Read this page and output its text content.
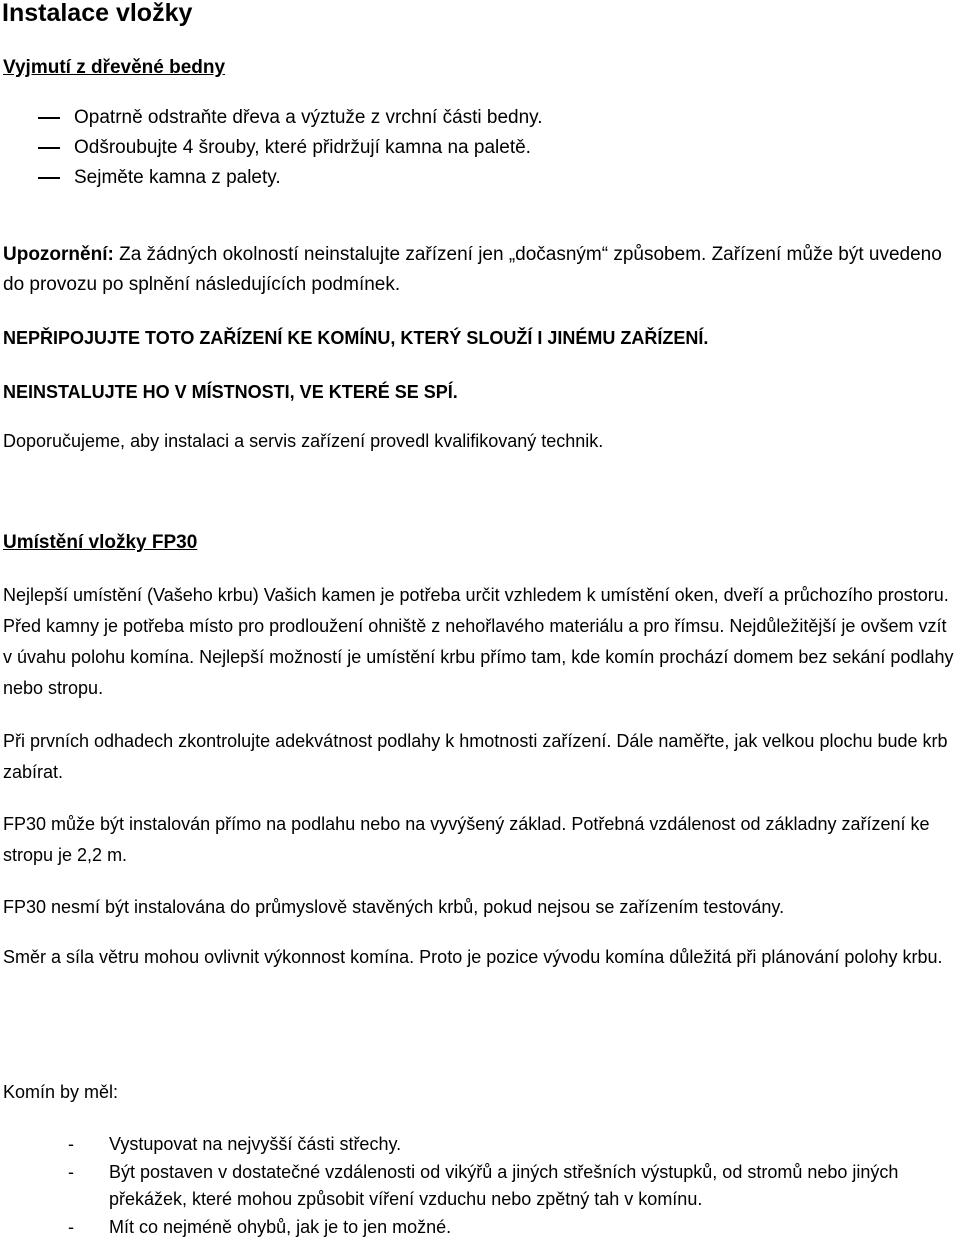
Instalace vložky

Vyjmutí z dřevěné bedny

Opatrně odstraňte dřeva a výztuže z vrchní části bedny.
Odšroubujte 4 šrouby, které přidržují kamna na paletě.
Sejměte kamna z palety.
Upozornění: Za žádných okolností neinstalujte zařízení jen „dočasným“ způsobem. Zařízení může být uvedeno do provozu po splnění následujících podmínek.
NEPŘIPOJUJTE TOTO ZAŘÍZENÍ KE KOMÍNU, KTERÝ SLOUŽÍ I JINÉMU ZAŘÍZENÍ.
NEINSTALUJTE HO V MÍSTNOSTI, VE KTERÉ SE SPÍ.
Doporučujeme, aby instalaci a servis zařízení provedl kvalifikovaný technik.

Umístění vložky FP30

Nejlepší umístění (Vašeho krbu) Vašich kamen je potřeba určit vzhledem k umístění oken, dveří a průchozího prostoru. Před kamny je potřeba místo pro prodloužení ohniště z nehořlavého materiálu a pro římsu. Nejdůležitější je ovšem vzít v úvahu polohu komína. Nejlepší možností je umístění krbu přímo tam, kde komín prochází domem bez sekání podlahy nebo stropu.
Při prvních odhadech zkontrolujte adekvátnost podlahy k hmotnosti zařízení. Dále naměřte, jak velkou plochu bude krb zabírat.
FP30 může být instalován přímo na podlahu nebo na vyvýšený základ. Potřebná vzdálenost od základny zařízení ke stropu je 2,2 m.
FP30 nesmí být instalována do průmyslově stavěných krbů, pokud nejsou se zařízením testovány.
Směr a síla větru mohou ovlivnit výkonnost komína. Proto je pozice vývodu komína důležitá při plánování polohy krbu.
Komín by měl:
- Vystupovat na nejvyšší části střechy.
- Být postaven v dostatečné vzdálenosti od vikýřů a jiných střešních výstupků, od stromů nebo jiných překážek, které mohou způsobit víření vzduchu nebo zpětný tah v komínu.
- Mít co nejméně ohybů, jak je to jen možné.
